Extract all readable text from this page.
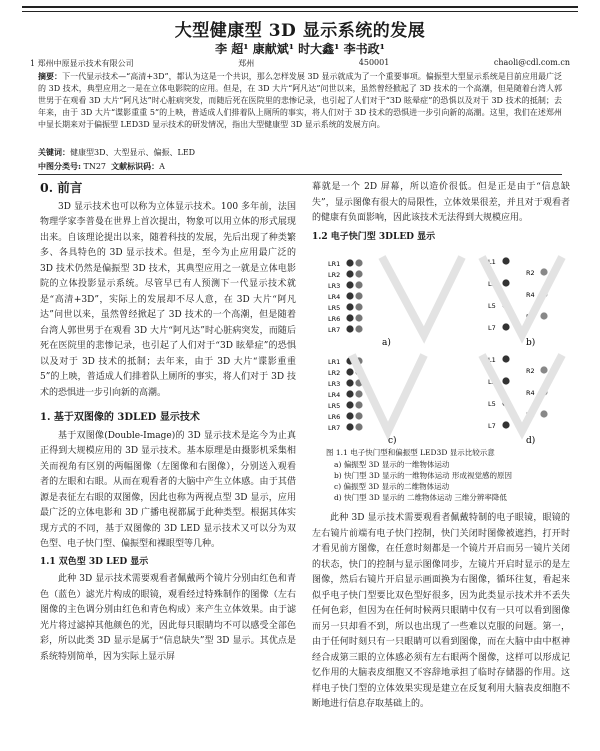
大型健康型 3D 显示系统的发展
李 超¹ 康献斌¹ 时大鑫¹ 李书政¹
1 郑州中原显示技术有限公司	郑州	450001	chaoli@cdl.com.cn
摘要：下一代显示技术—“高清+3D”，都认为这是一个共识，那么怎样发展 3D 显示就成为了一个重要事项。偏振型大型显示系统是目前应用最广泛的 3D 技术，典型应用之一是在立体电影院的应用。但是，在 3D 大片“阿凡达”问世以来，虽然曾经掀起了 3D 技术的一个高潮，但是随着台湾人郭世男于在观看 3D 大片“阿凡达”时心脏病突发，而随后死在医院里的悲惨记录，也引起了人们对于“3D 眩晕症”的恐惧以及对于 3D 技术的抵制；去年来，由于 3D 大片“谍影重重 5”的上映，普适成人们排着队上厕所的事实，将人们对于 3D 技术的恐惧进一步引向新的高潮。这里，我们在述郑州中显长期来对于偏振型 LED3D 显示技术的研发情况，指出大型健康型 3D 显示系统的发展方向。
关键词：健康型3D、大型显示、偏振、LED
中图分类号: TN27 文献标识码：A
0. 前言

3D 显示技术也可以称为立体显示技术。100 多年前，法国物理学家李普曼在世界上首次提出，物象可以用立体的形式展现出来。自该理论提出以来，随着科技的发展，先后出现了种类繁多、各具特色的 3D 显示技术。但是，至今为止应用最广泛的 3D 技术仍然是偏振型 3D 技术，其典型应用之一就是立体电影院的立体投影显示系统。尽管早已有人预测下一代显示技术就是“高清+3D”，实际上的发展却不尽人意，在 3D 大片“阿凡达”问世以来，虽然曾经掀起了 3D 技术的一个高潮，但是随着台湾人郭世男于在观看 3D 大片“阿凡达”时心脏病突发，而随后死在医院里的悲惨记录，也引起了人们对于“3D 眩晕症”的恐惧以及对于 3D 技术的抵制；去年来，由于 3D 大片“谍影重重 5”的上映，普适成人们排着队上厕所的事实，将人们对于 3D 技术的恐惧进一步引向新的高潮。

1. 基于双图像的 3DLED 显示技术

基于双图像(Double-Image)的 3D 显示技术是迄今为止真正得到大规模应用的 3D 显示技术。基本原理是由摄影机采集相关而视角有区别的两幅图像（左图像和右图像），分别送入观看者的左眼和右眼。从而在观看者的大脑中产生立体感。由于其借源是表征左右眼的双图像，因此也称为两视点型 3D 显示，应用最广泛的立体电影和 3D 广播电视都属于此种类型。根据其体实现方式的不同，基于双图像的 3D LED 显示技术又可以分为双色型、电子快门型、偏振型和裸眼型等几种。

1.1 双色型 3D LED 显示

此种 3D 显示技术需要观看者佩戴两个镜片分别由红色和青色（蓝色）滤光片构成的眼镜，观看经过特殊制作的图像（左右图像的主色调分别由红色和青色构成）来产生立体效果。由于滤光片将过滤掉其他颜色的光，因此每只眼睛均不可以感受全部色彩，所以此类 3D 显示是属于“信息缺失”型 3D 显示。其优点是系统特别简单，因为实际上显示屏

幕就是一个 2D 屏幕，所以造价很低。但是正是由于“信息缺失”，显示图像有很大的局限性，立体效果很差，并且对于观看者的健康有负面影响，因此该技术无法得到大规模应用。

1.2 电子快门型 3DLED 显示
LR1
LR2
LR3
LR4
LR5
LR6
LR7
L1
R2
L3
R4
L5
R6
L7
LR1
LR2
LR3
LR4
LR5
LR6
LR7
L1
R2
L3
R4
L5
R6
L7
a)	b)
c)	d)
图 1.1 电子快门型和偏振型 LED3D 显示比较示意
a) 偏振型 3D 显示的一维物体运动
b) 快门型 3D 显示的一维物体运动 形成视觉感的原因
c) 偏振型 3D 显示的二维物体运动
d) 快门型 3D 显示的 二维物体运动 三维分辨率降低

此种 3D 显示技术需要观看者佩戴特制的电子眼镜，眼镜的左右镜片前端有电子快门控制，快门关闭时图像被遮挡，打开时才看见前方图像，在任意时刻都是一个镜片开启而另一镜片关闭的状态，快门的控制与显示图像同步，左镜片开启时显示的是左图像，然后右镜片开启显示画面换为右图像，循环往复，看起来似乎电子快门型要比双色型好很多，因为此类显示技术并不丢失任何色彩，但因为在任何时候两只眼睛中仅有一只可以看到图像而另一只却看不到，所以也出现了一些难以克服的问题。第一，由于任何时刻只有一只眼睛可以看到图像，而在大脑中由中枢神经合成第三眼的立体感必须有左右眼两个图像，这样可以形成记忆作用的大脑表皮细胞又不容辞地承担了临时存储器的作用。这样电子快门型的立体效果实现是建立在反复利用大脑表皮细胞不断地进行信息存取基础上的。
